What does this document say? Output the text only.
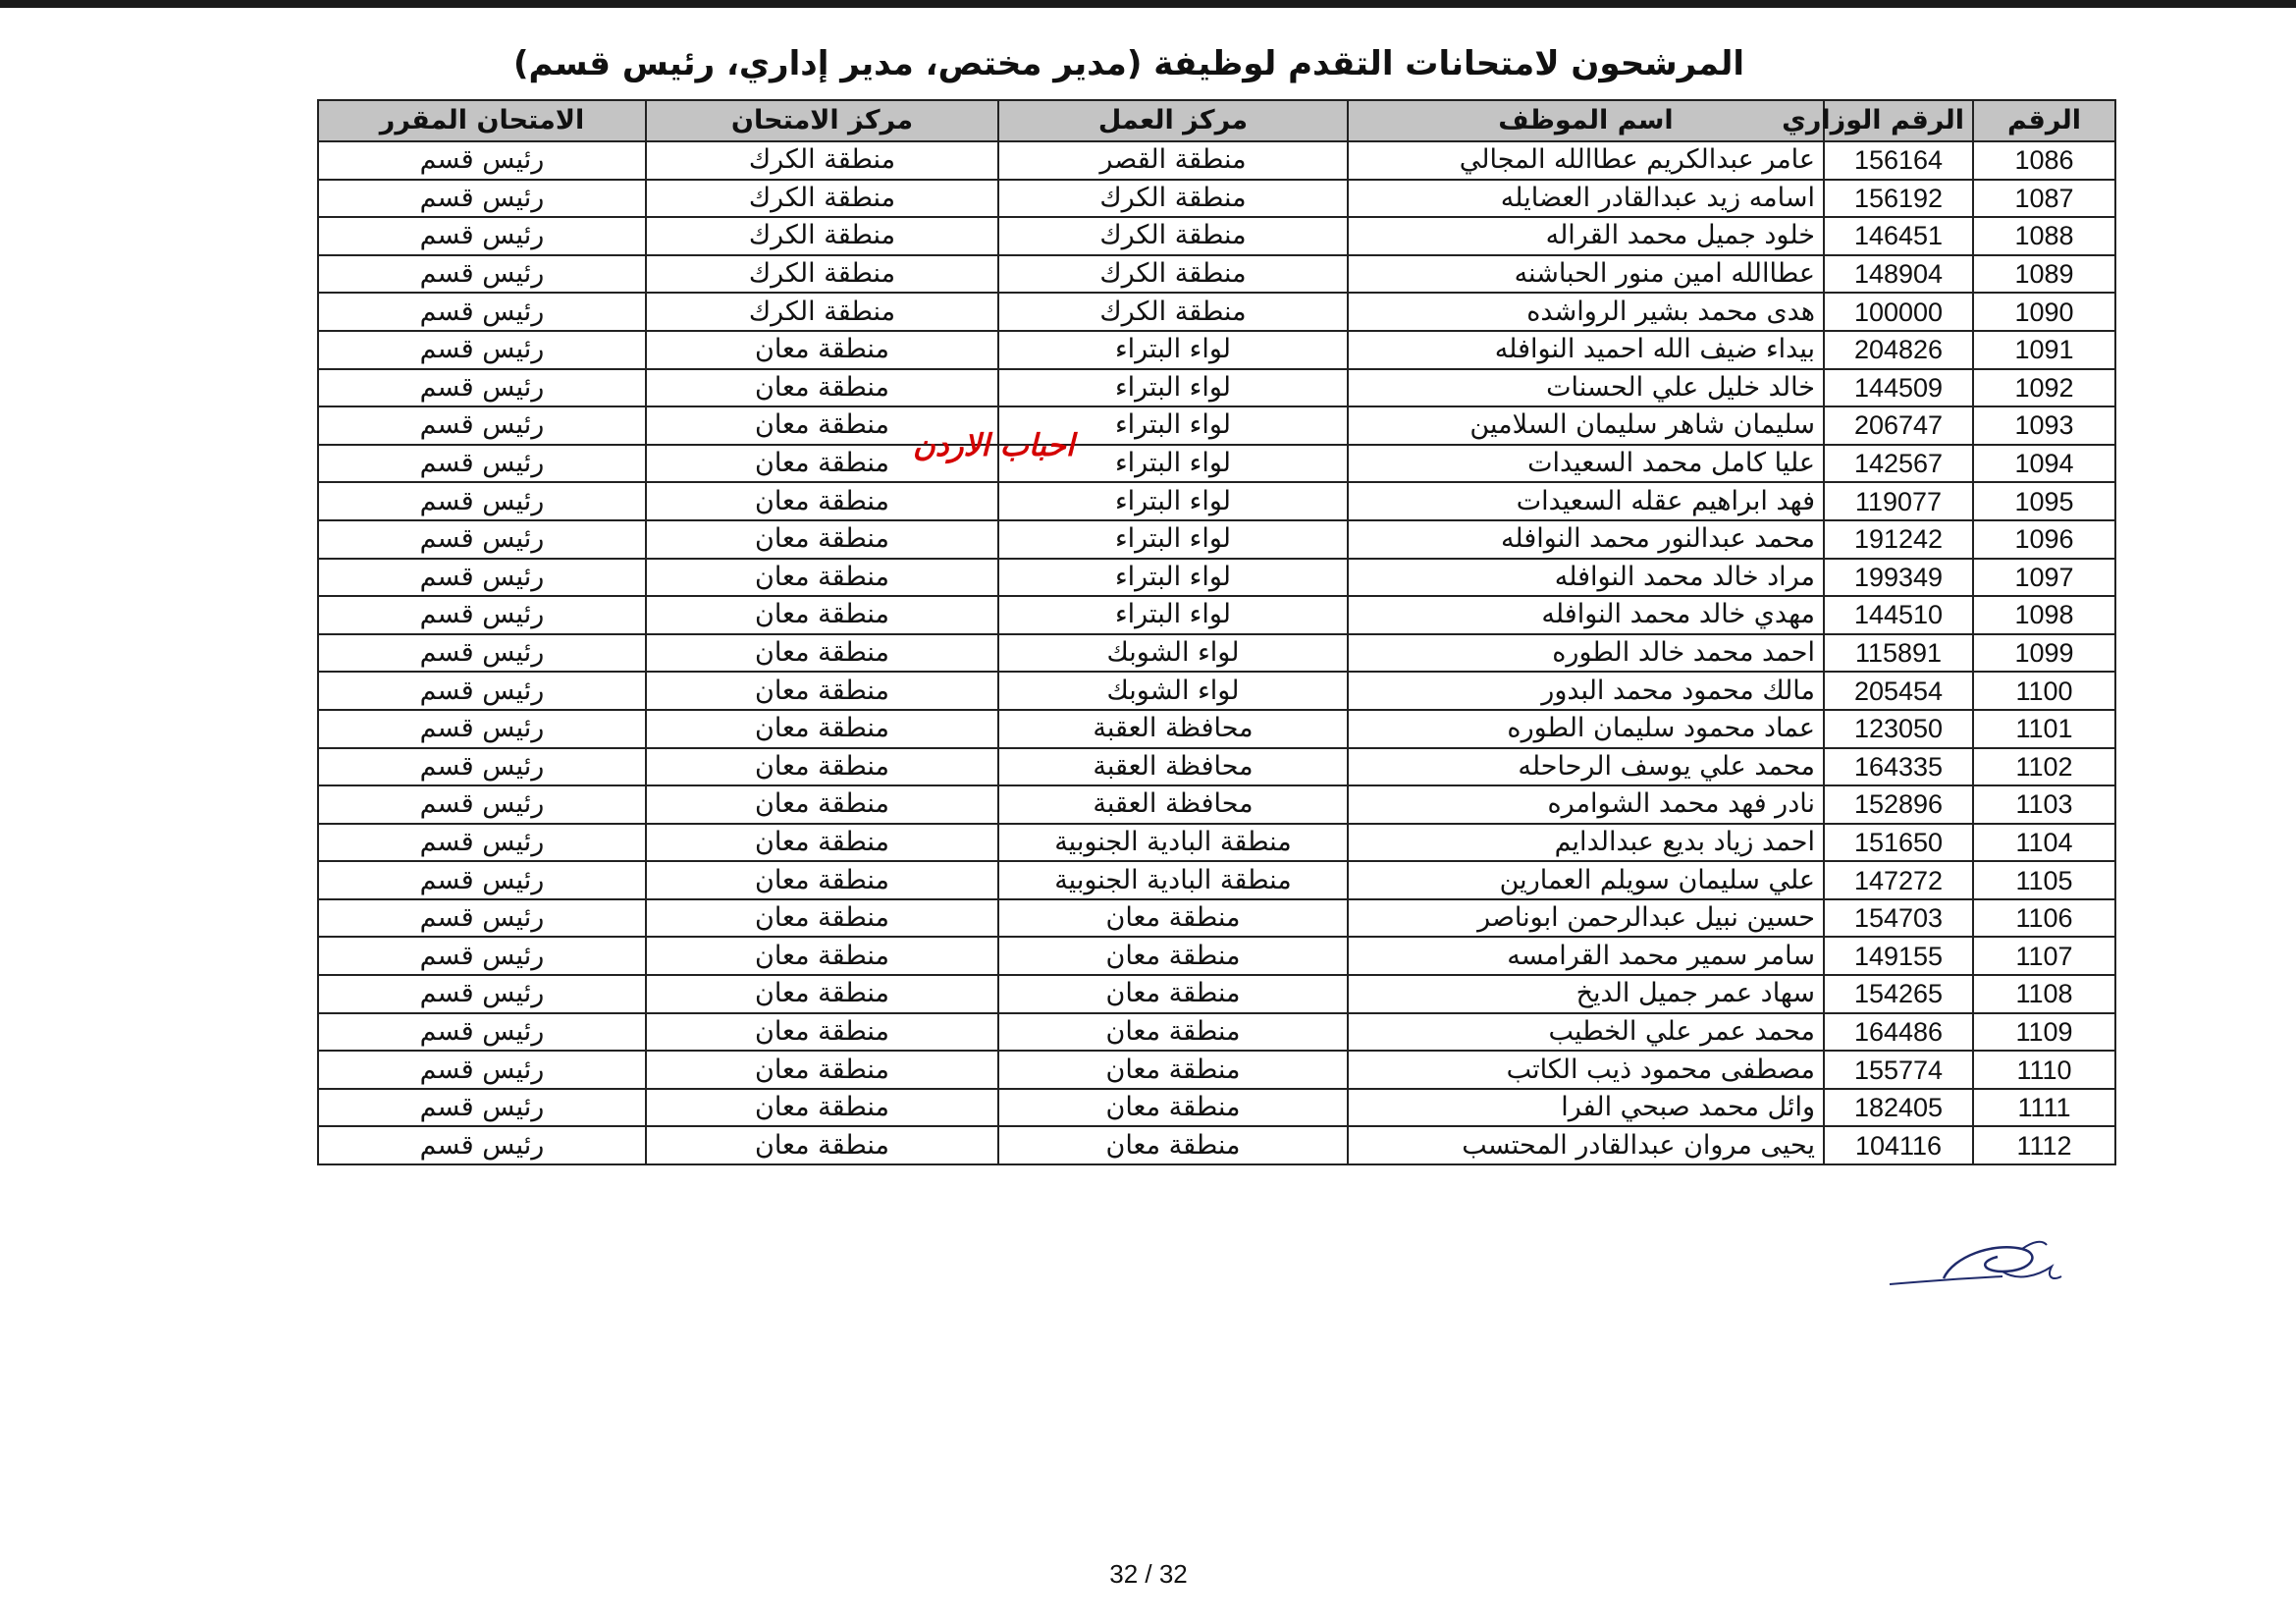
المرشحون لامتحانات التقدم لوظيفة (مدير مختص، مدير إداري، رئيس قسم)
الرقم	الرقم الوزاري	اسم الموظف	مركز العمل	مركز الامتحان	الامتحان المقرر
1086	156164	عامر عبدالكريم عطاالله المجالي	منطقة القصر	منطقة الكرك	رئيس قسم
1087	156192	اسامه زيد عبدالقادر العضايله	منطقة الكرك	منطقة الكرك	رئيس قسم
1088	146451	خلود جميل محمد القراله	منطقة الكرك	منطقة الكرك	رئيس قسم
1089	148904	عطاالله امين منور الحباشنه	منطقة الكرك	منطقة الكرك	رئيس قسم
1090	100000	هدى محمد بشير الرواشده	منطقة الكرك	منطقة الكرك	رئيس قسم
1091	204826	بيداء ضيف الله احميد النوافله	لواء البتراء	منطقة معان	رئيس قسم
1092	144509	خالد خليل علي الحسنات	لواء البتراء	منطقة معان	رئيس قسم
1093	206747	سليمان شاهر سليمان السلامين	لواء البتراء	منطقة معان	رئيس قسم
1094	142567	عليا كامل محمد السعيدات	لواء البتراء	منطقة معان	رئيس قسم
1095	119077	فهد ابراهيم عقله السعيدات	لواء البتراء	منطقة معان	رئيس قسم
1096	191242	محمد عبدالنور محمد النوافله	لواء البتراء	منطقة معان	رئيس قسم
1097	199349	مراد خالد محمد النوافله	لواء البتراء	منطقة معان	رئيس قسم
1098	144510	مهدي خالد محمد النوافله	لواء البتراء	منطقة معان	رئيس قسم
1099	115891	احمد محمد خالد الطوره	لواء الشوبك	منطقة معان	رئيس قسم
1100	205454	مالك محمود محمد البدور	لواء الشوبك	منطقة معان	رئيس قسم
1101	123050	عماد محمود سليمان الطوره	محافظة العقبة	منطقة معان	رئيس قسم
1102	164335	محمد علي يوسف الرحاحله	محافظة العقبة	منطقة معان	رئيس قسم
1103	152896	نادر فهد محمد الشوامره	محافظة العقبة	منطقة معان	رئيس قسم
1104	151650	احمد زياد بديع عبدالدايم	منطقة البادية الجنوبية	منطقة معان	رئيس قسم
1105	147272	علي سليمان سويلم العمارين	منطقة البادية الجنوبية	منطقة معان	رئيس قسم
1106	154703	حسين نبيل عبدالرحمن ابوناصر	منطقة معان	منطقة معان	رئيس قسم
1107	149155	سامر سمير محمد القرامسه	منطقة معان	منطقة معان	رئيس قسم
1108	154265	سهاد عمر جميل الديخ	منطقة معان	منطقة معان	رئيس قسم
1109	164486	محمد عمر علي الخطيب	منطقة معان	منطقة معان	رئيس قسم
1110	155774	مصطفى محمود ذيب الكاتب	منطقة معان	منطقة معان	رئيس قسم
1111	182405	وائل محمد صبحي الفرا	منطقة معان	منطقة معان	رئيس قسم
1112	104116	يحيى مروان عبدالقادر المحتسب	منطقة معان	منطقة معان	رئيس قسم
احباب الاردن
32 / 32
